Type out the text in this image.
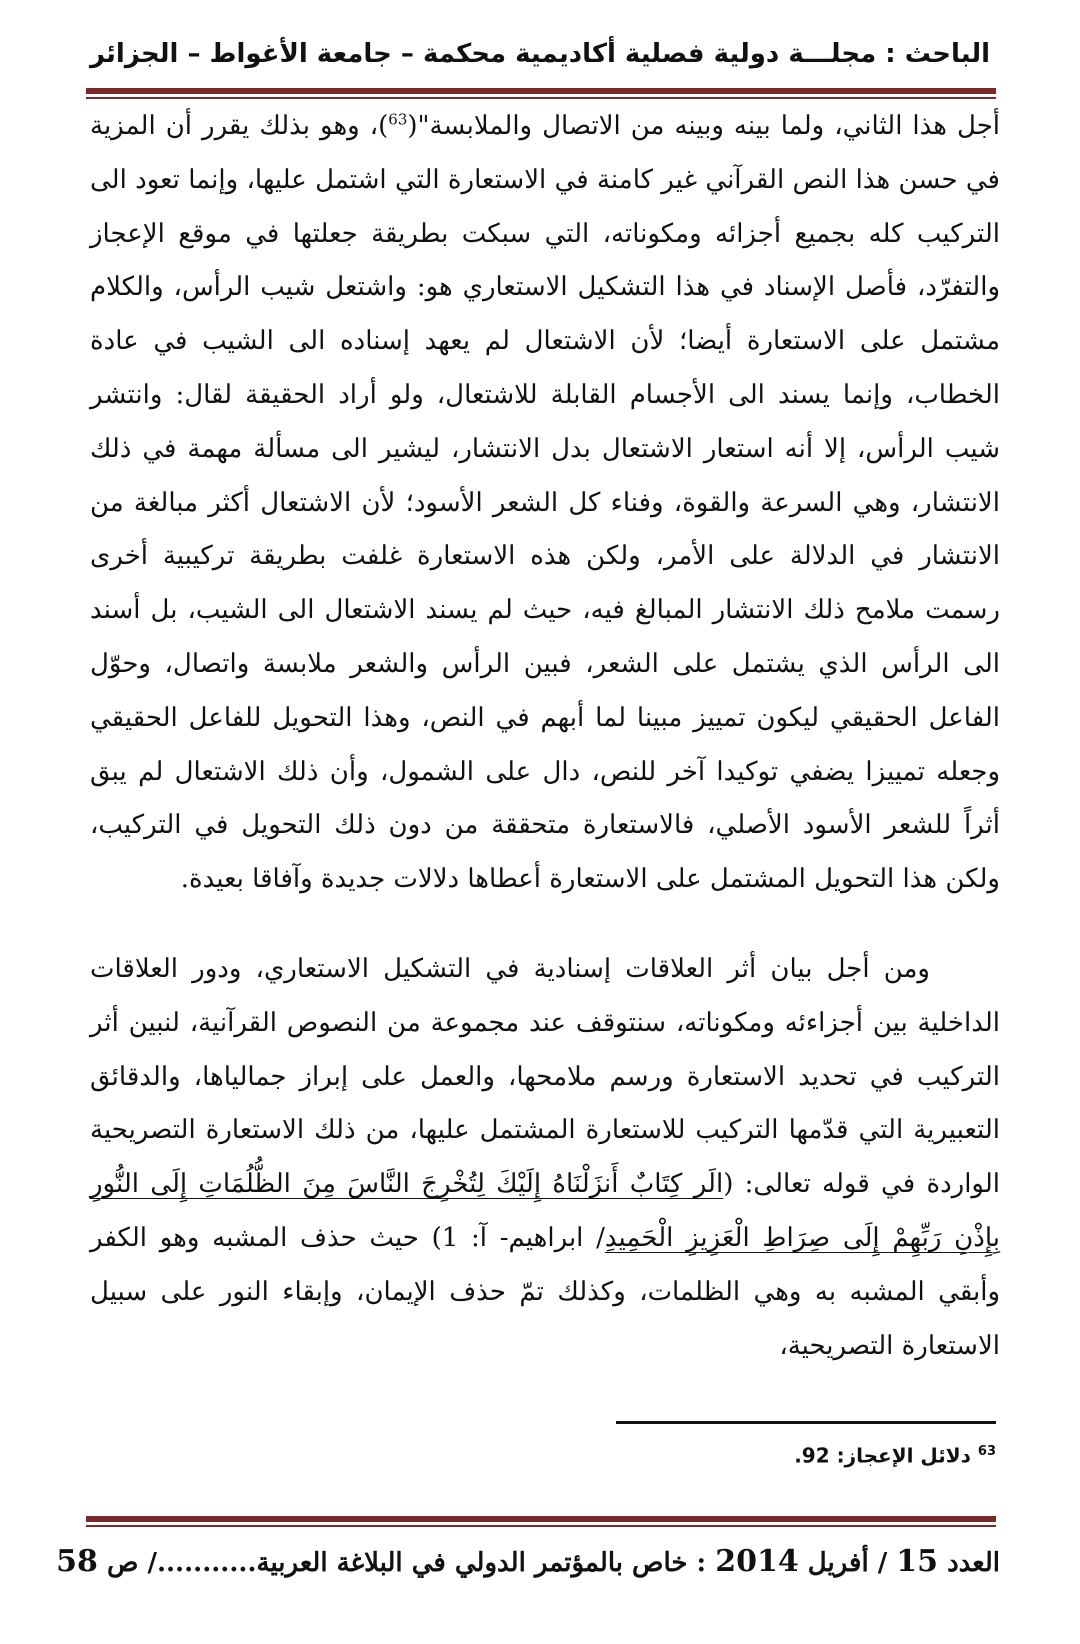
الباحث : مجلـــة دولية فصلية أكاديمية محكمة – جامعة الأغواط – الجزائر

أجل هذا الثاني، ولما بينه وبينه من الاتصال والملابسة"($^{63}$)، وهو بذلك يقرر أن المزية في حسن هذا النص القرآني غير كامنة في الاستعارة التي اشتمل عليها، وإنما تعود الى التركيب كله بجميع أجزائه ومكوناته، التي سبكت بطريقة جعلتها في موقع الإعجاز والتفرّد، فأصل الإسناد في هذا التشكيل الاستعاري هو: واشتعل شيب الرأس، والكلام مشتمل على الاستعارة أيضا؛ لأن الاشتعال لم يعهد إسناده الى الشيب في عادة الخطاب، وإنما يسند الى الأجسام القابلة للاشتعال، ولو أراد الحقيقة لقال: وانتشر شيب الرأس، إلا أنه استعار الاشتعال بدل الانتشار، ليشير الى مسألة مهمة في ذلك الانتشار، وهي السرعة والقوة، وفناء كل الشعر الأسود؛ لأن الاشتعال أكثر مبالغة من الانتشار في الدلالة على الأمر، ولكن هذه الاستعارة غلفت بطريقة تركيبية أخرى رسمت ملامح ذلك الانتشار المبالغ فيه، حيث لم يسند الاشتعال الى الشيب، بل أسند الى الرأس الذي يشتمل على الشعر، فبين الرأس والشعر ملابسة واتصال، وحوّل الفاعل الحقيقي ليكون تمييز مبينا لما أبهم في النص، وهذا التحويل للفاعل الحقيقي وجعله تمييزا يضفي توكيدا آخر للنص، دال على الشمول، وأن ذلك الاشتعال لم يبق أثراً للشعر الأسود الأصلي، فالاستعارة متحققة من دون ذلك التحويل في التركيب، ولكن هذا التحويل المشتمل على الاستعارة أعطاها دلالات جديدة وآفاقا بعيدة.

ومن أجل بيان أثر العلاقات إسنادية في التشكيل الاستعاري، ودور العلاقات الداخلية بين أجزاءئه ومكوناته، سنتوقف عند مجموعة من النصوص القرآنية، لنبين أثر التركيب في تحديد الاستعارة ورسم ملامحها، والعمل على إبراز جمالياها، والدقائق التعبيرية التي قدّمها التركيب للاستعارة المشتمل عليها، من ذلك الاستعارة التصريحية الواردة في قوله تعالى: (الَر كِتَابٌ أَنزَلْنَاهُ إِلَيْكَ لِتُخْرِجَ النَّاسَ مِنَ الظُّلُمَاتِ إِلَى النُّورِ بِإِذْنِ رَبِّهِمْ إِلَى صِرَاطِ الْعَزِيزِ الْحَمِيدِ/ ابراهيم- آ: 1) حيث حذف المشبه وهو الكفر وأبقي المشبه به وهي الظلمات، وكذلك تمّ حذف الإيمان، وإبقاء النور على سبيل الاستعارة التصريحية،

$^{63}$ دلائل الإعجاز: 92.
العدد 15 / أفريل 2014 : خاص بالمؤتمر الدولي في البلاغة العربية.........../ ص 58
